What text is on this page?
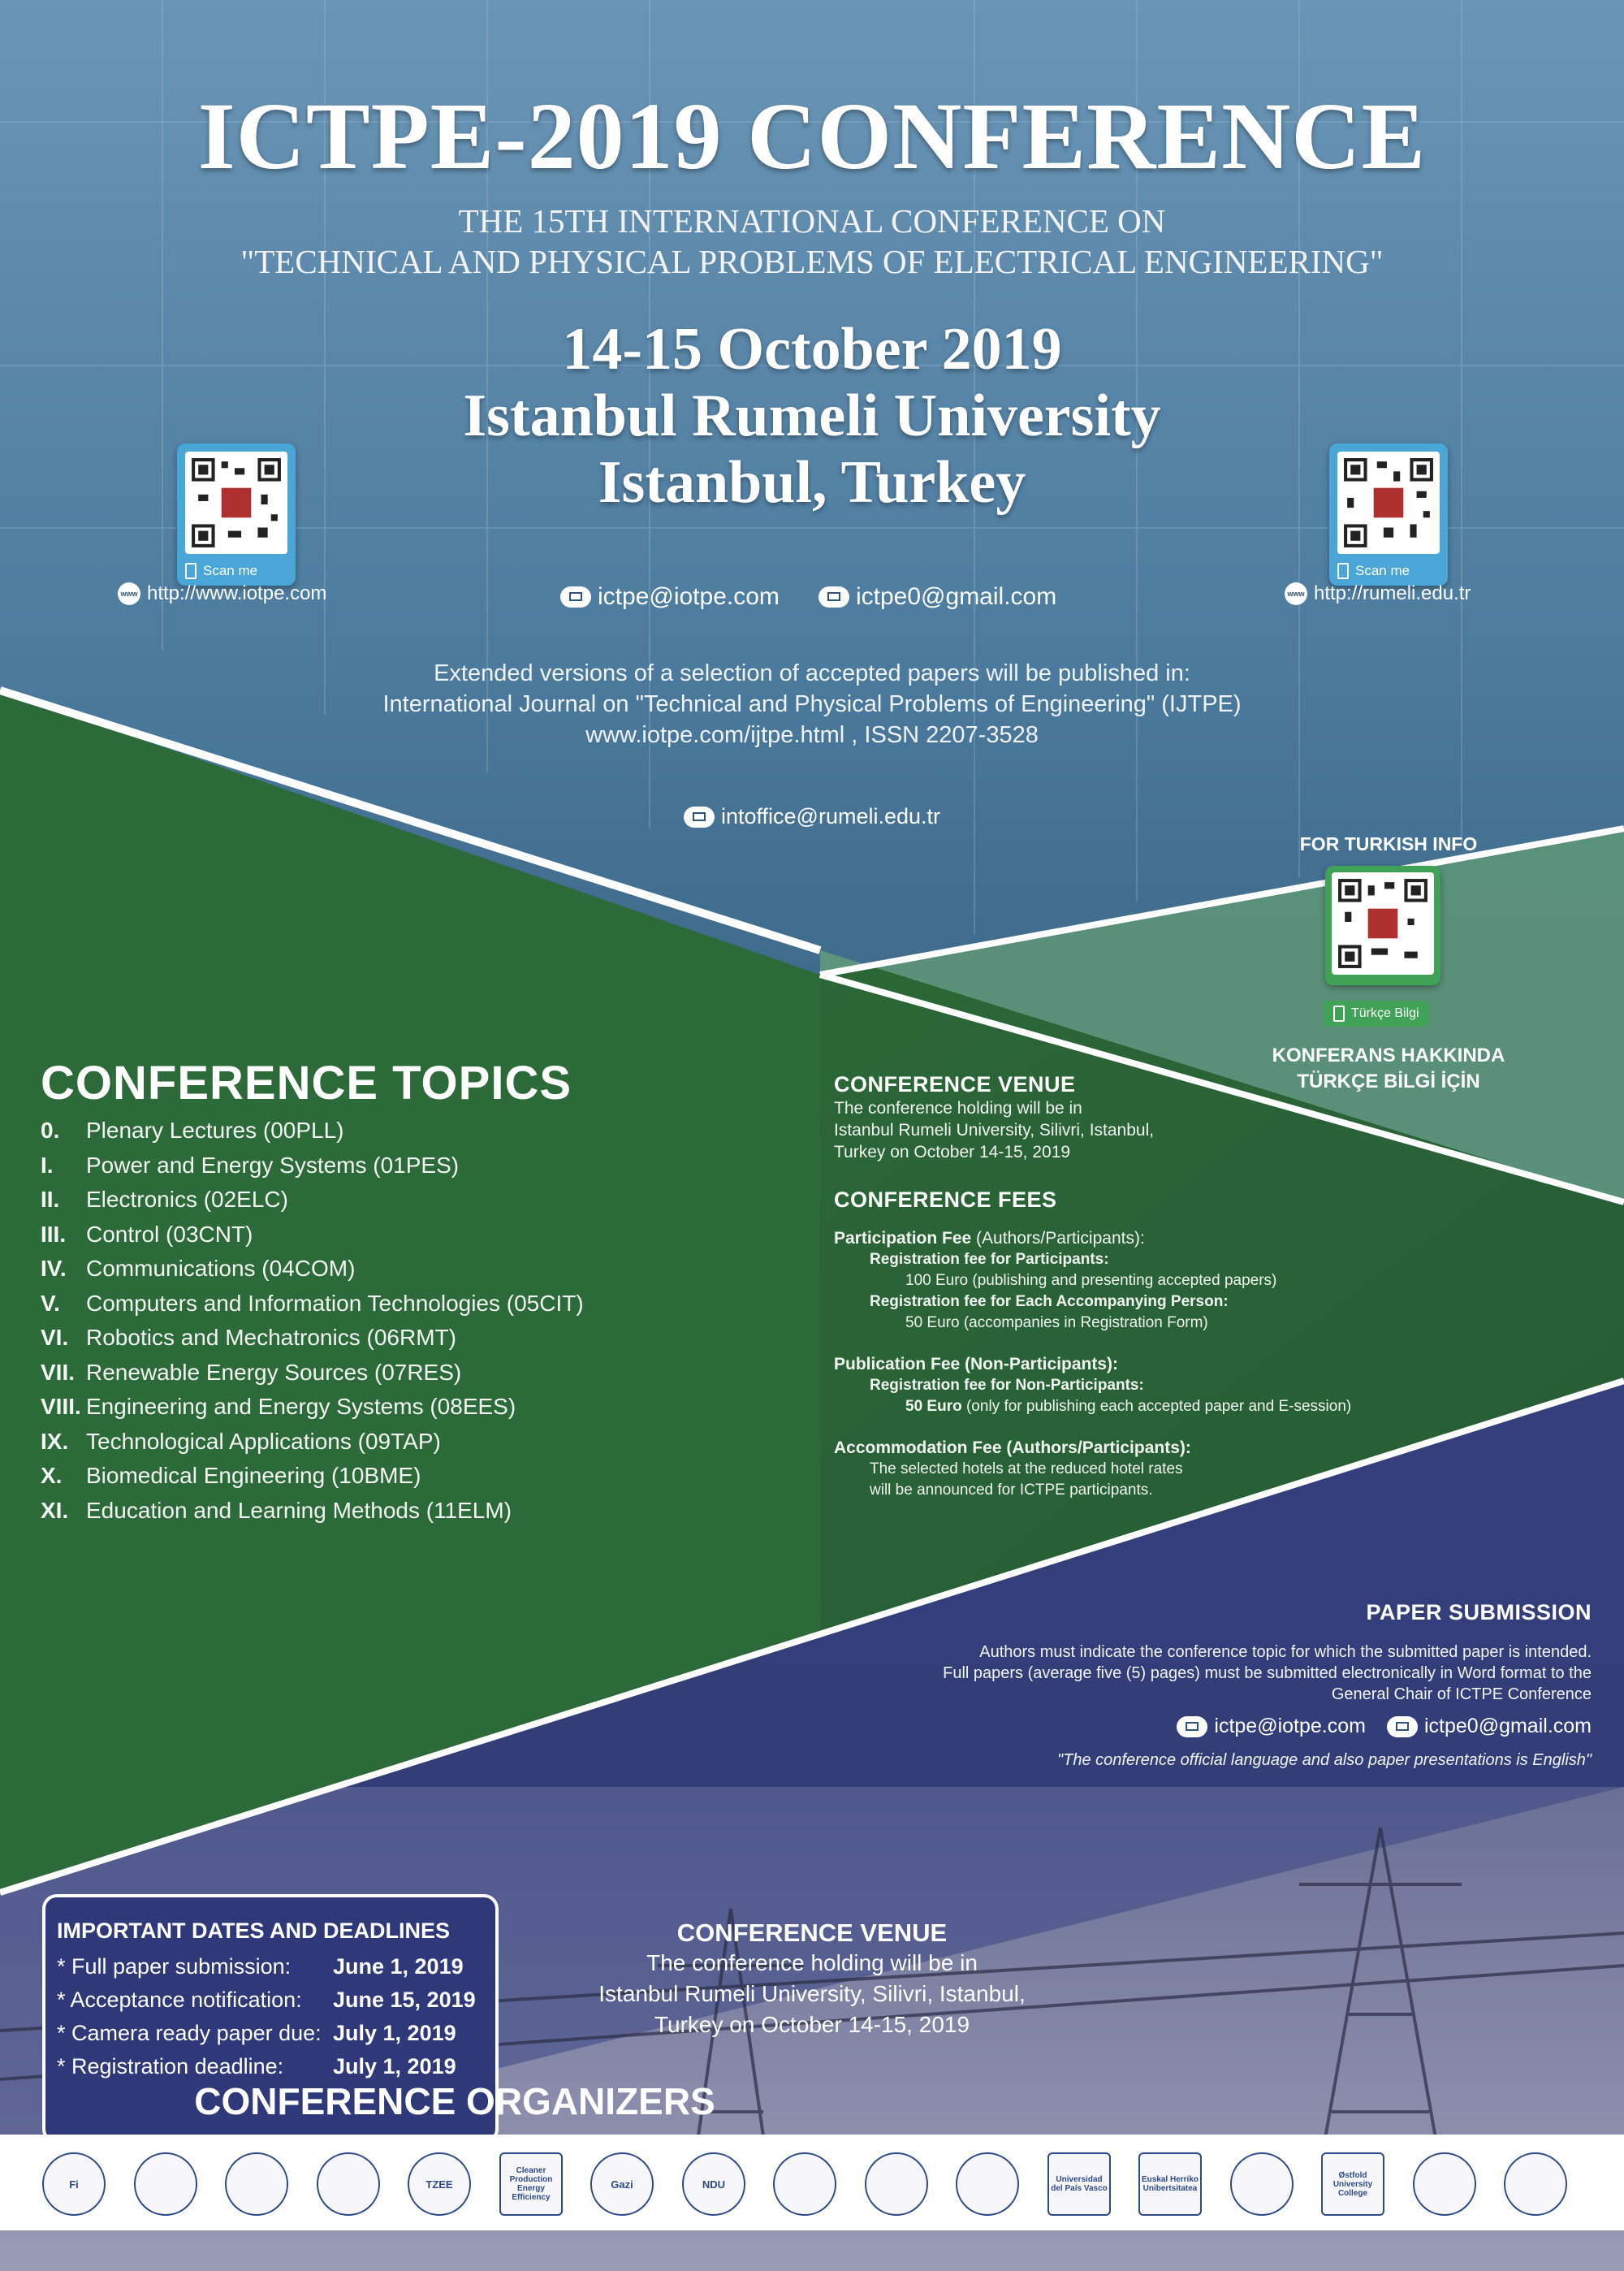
ICTPE-2019 CONFERENCE
THE 15TH INTERNATIONAL CONFERENCE ON
"TECHNICAL AND PHYSICAL PROBLEMS OF ELECTRICAL ENGINEERING"
14-15 October 2019
Istanbul Rumeli University
Istanbul, Turkey
Scan me
www http://www.iotpe.com
Scan me
www http://rumeli.edu.tr
ictpe@iotpe.com	ictpe0@gmail.com
Extended versions of a selection of accepted papers will be published in:
International Journal on "Technical and Physical Problems of Engineering" (IJTPE)
www.iotpe.com/ijtpe.html , ISSN 2207-3528
intoffice@rumeli.edu.tr
FOR TURKISH INFO
Türkçe Bilgi
KONFERANS HAKKINDA
TÜRKÇE BİLGİ İÇİN
CONFERENCE TOPICS
0.	Plenary Lectures (00PLL)
I.	Power and Energy Systems (01PES)
II.	Electronics (02ELC)
III. Control (03CNT)
IV. Communications (04COM)
V.	Computers and Information Technologies (05CIT)
VI. Robotics and Mechatronics (06RMT)
VII. Renewable Energy Sources (07RES)
VIII. Engineering and Energy Systems (08EES)
IX. Technological Applications (09TAP)
X.	Biomedical Engineering (10BME)
XI. Education and Learning Methods (11ELM)
CONFERENCE VENUE
The conference holding will be in
Istanbul Rumeli University, Silivri, Istanbul,
Turkey on October 14-15, 2019
CONFERENCE FEES
Participation Fee (Authors/Participants):
Registration fee for Participants:
100 Euro (publishing and presenting accepted papers)
Registration fee for Each Accompanying Person:
50 Euro (accompanies in Registration Form)
Publication Fee (Non-Participants):
Registration fee for Non-Participants:
50 Euro (only for publishing each accepted paper and E-session)
Accommodation Fee (Authors/Participants):
The selected hotels at the reduced hotel rates
will be announced for ICTPE participants.
PAPER SUBMISSION
Authors must indicate the conference topic for which the submitted paper is intended.
Full papers (average five (5) pages) must be submitted electronically in Word format to the
General Chair of ICTPE Conference
ictpe@iotpe.com	ictpe0@gmail.com
"The conference official language and also paper presentations is English"
IMPORTANT DATES AND DEADLINES
* Full paper submission:	June 1, 2019
* Acceptance notification:	June 15, 2019
* Camera ready paper due: July 1, 2019
* Registration deadline:	July 1, 2019
CONFERENCE VENUE
The conference holding will be in
Istanbul Rumeli University, Silivri, Istanbul,
Turkey on October 14-15, 2019
CONFERENCE ORGANIZERS
Fi	TZEE
Cleaner Production Energy Efficiency
Gazi	NDU	Universidad del País Vasco
Euskal Herriko Unibertsitatea
Østfold University College
